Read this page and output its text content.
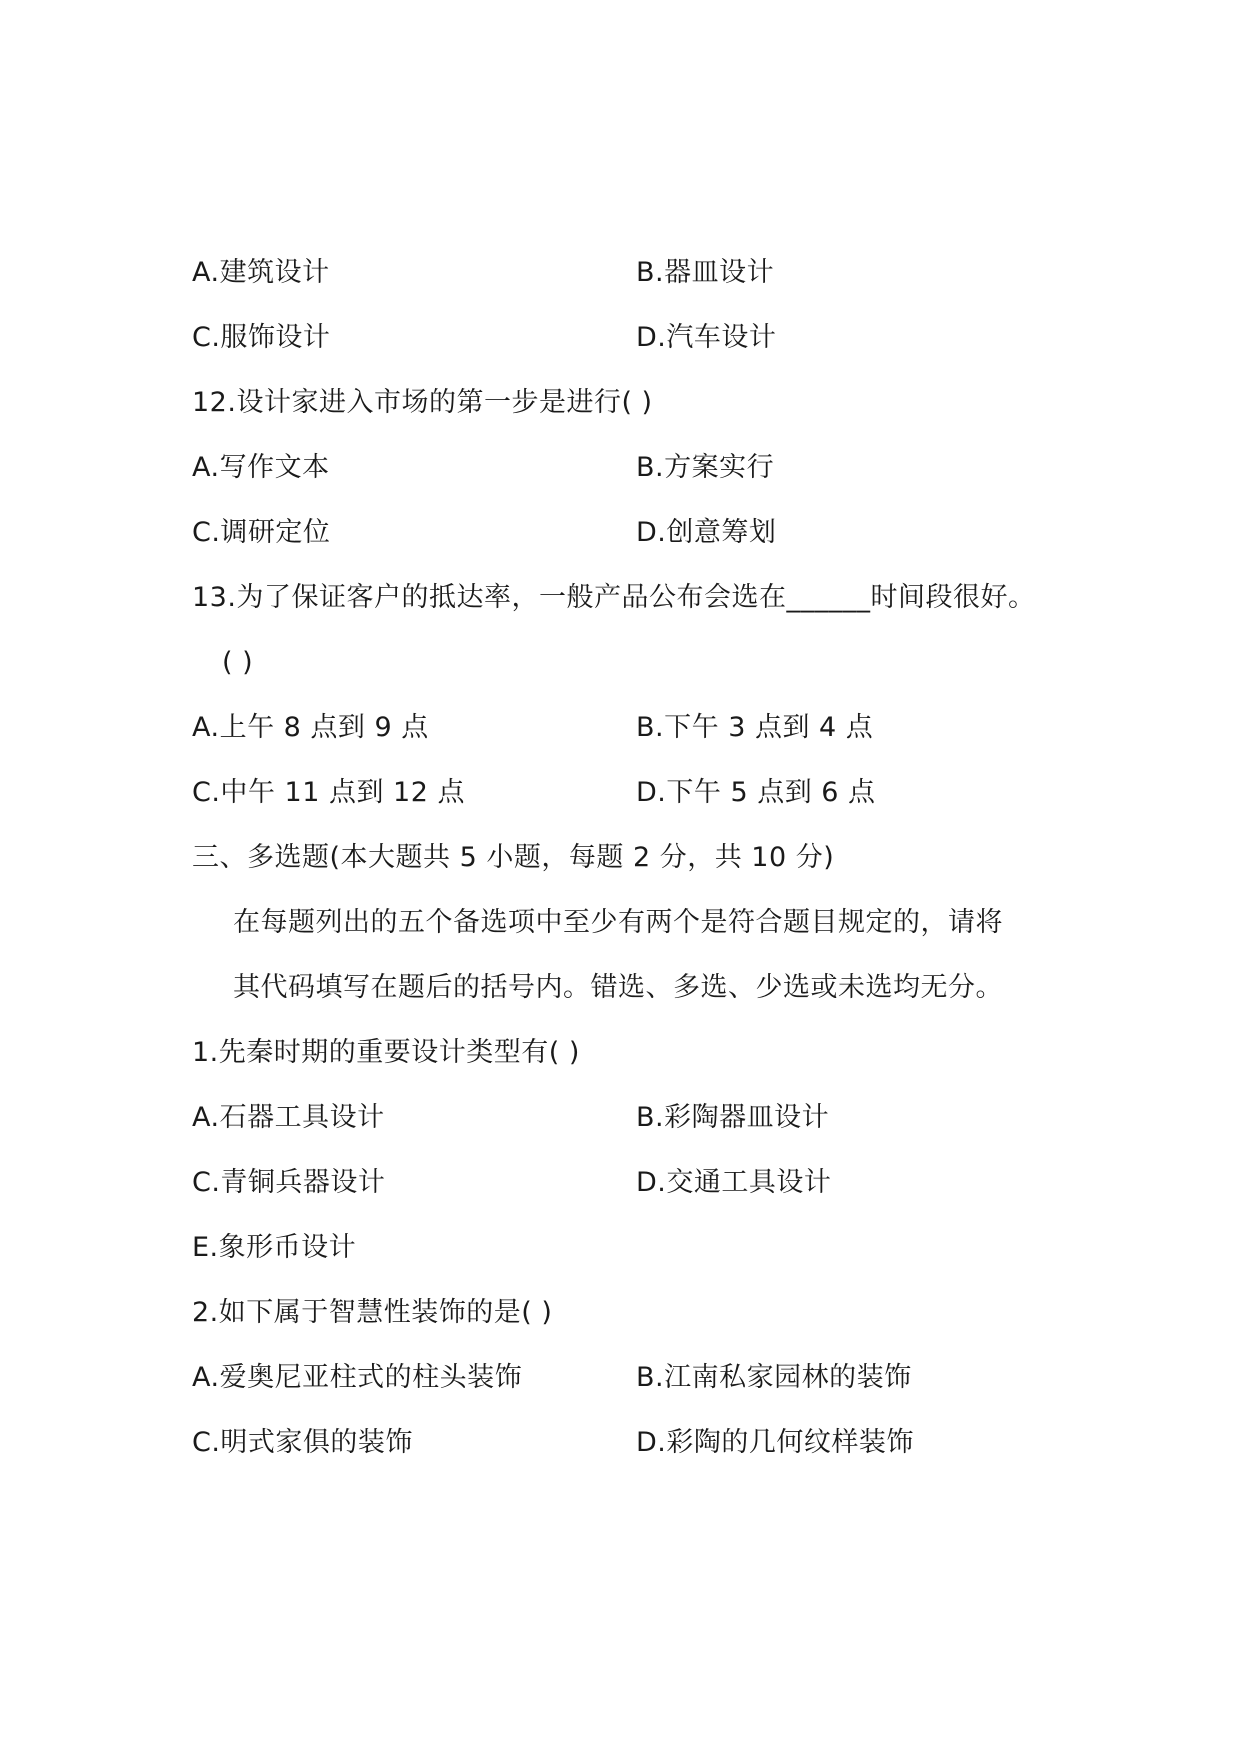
A.建筑设计	B.器皿设计
C.服饰设计	D.汽车设计
12.设计家进入市场的第一步是进行( )
A.写作文本	B.方案实行
C.调研定位	D.创意筹划
13.为了保证客户的抵达率，一般产品公布会选在______时间段很好。
( )
A.上午 8 点到 9 点	B.下午 3 点到 4 点
C.中午 11 点到 12 点	D.下午 5 点到 6 点
三、多选题(本大题共 5 小题，每题 2 分，共 10 分)
在每题列出的五个备选项中至少有两个是符合题目规定的，请将
其代码填写在题后的括号内。错选、多选、少选或未选均无分。
1.先秦时期的重要设计类型有( )
A.石器工具设计	B.彩陶器皿设计
C.青铜兵器设计	D.交通工具设计
E.象形币设计
2.如下属于智慧性装饰的是( )
A.爱奥尼亚柱式的柱头装饰	B.江南私家园林的装饰
C.明式家俱的装饰	D.彩陶的几何纹样装饰
